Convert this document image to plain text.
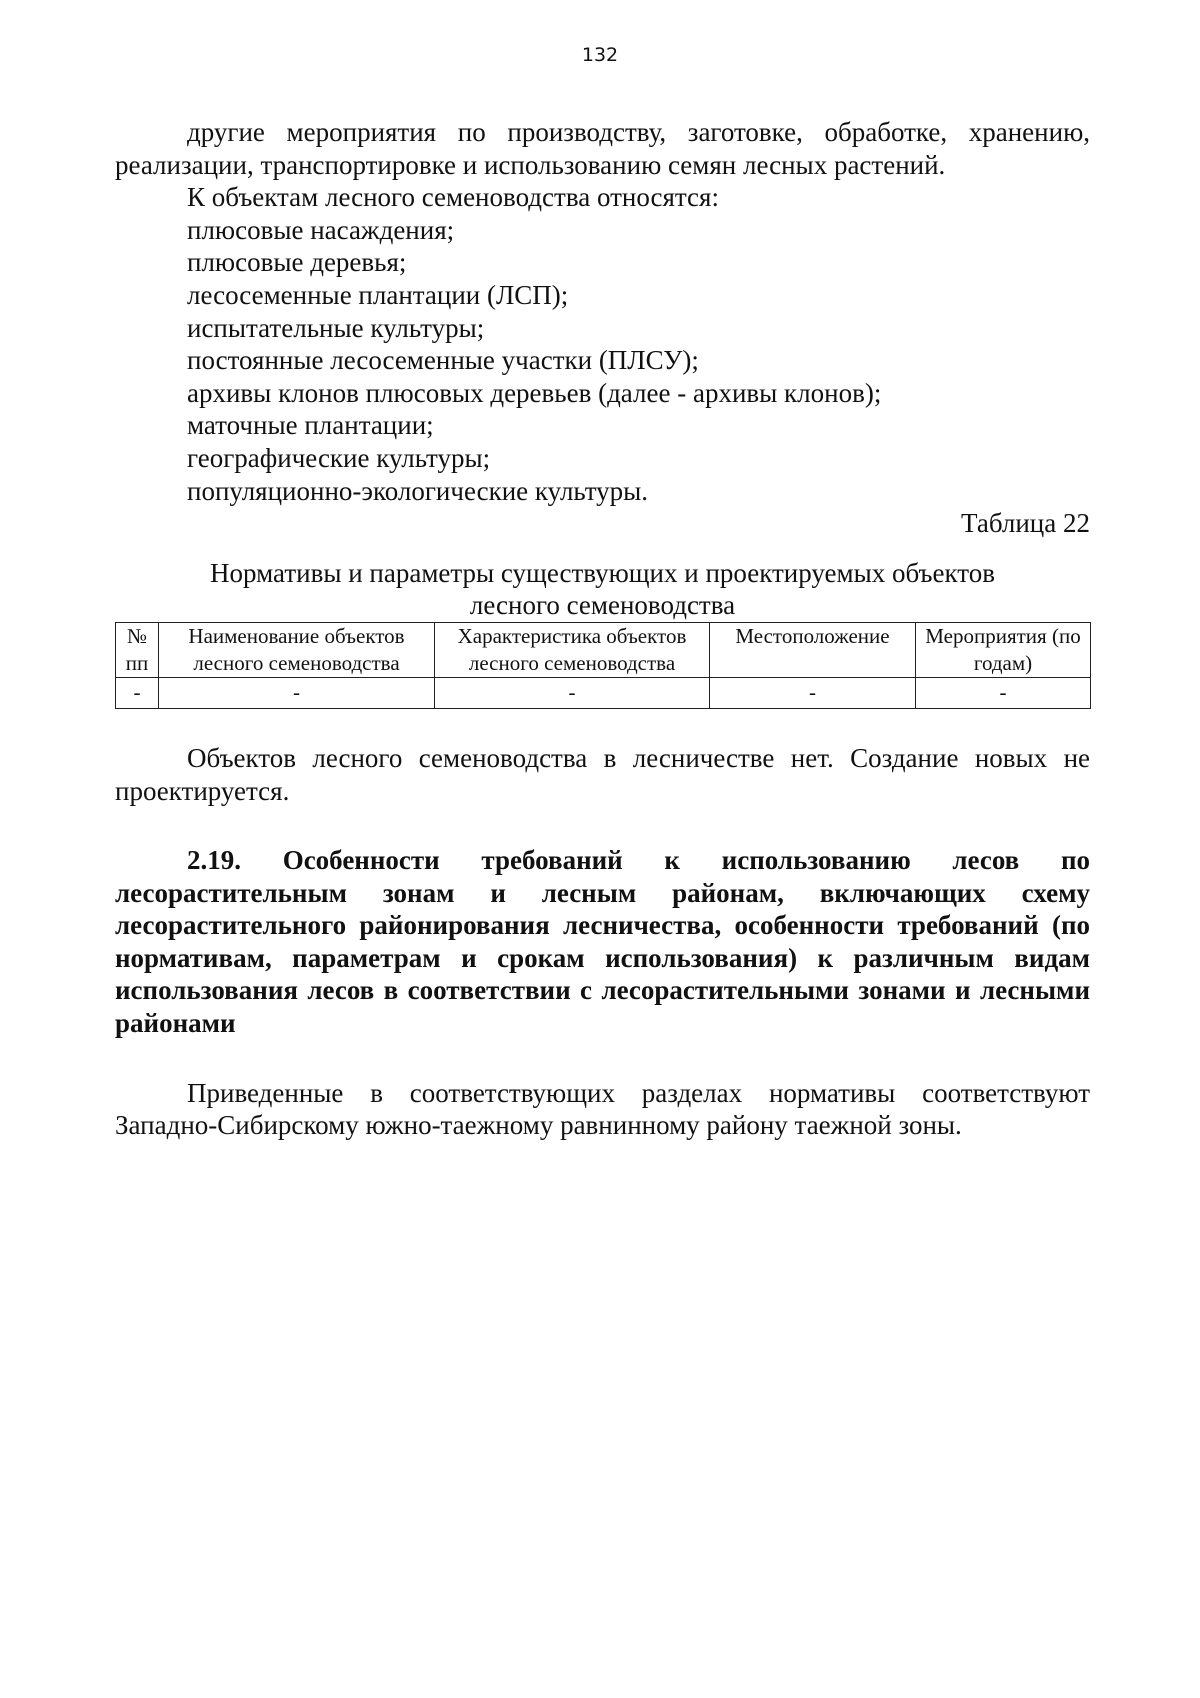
132

другие мероприятия по производству, заготовке, обработке, хранению, реализации, транспортировке и использованию семян лесных растений.

К объектам лесного семеноводства относятся:

плюсовые насаждения;

плюсовые деревья;

лесосеменные плантации (ЛСП);

испытательные культуры;

постоянные лесосеменные участки (ПЛСУ);

архивы клонов плюсовых деревьев (далее - архивы клонов);

маточные плантации;

географические культуры;

популяционно-экологические культуры.

Таблица 22

Нормативы и параметры существующих и проектируемых объектов лесного семеноводства

№ пп	Наименование объектов лесного семеноводства	Характеристика объектов лесного семеноводства	Местоположение	Мероприятия (по годам)
-	-	-	-	-

Объектов лесного семеноводства в лесничестве нет. Создание новых не проектируется.

2.19. Особенности требований к использованию лесов по лесорастительным зонам и лесным районам, включающих схему лесорастительного районирования лесничества, особенности требований (по нормативам, параметрам и срокам использования) к различным видам использования лесов в соответствии с лесорастительными зонами и лесными районами

Приведенные в соответствующих разделах нормативы соответствуют Западно-Сибирскому южно-таежному равнинному району таежной зоны.
